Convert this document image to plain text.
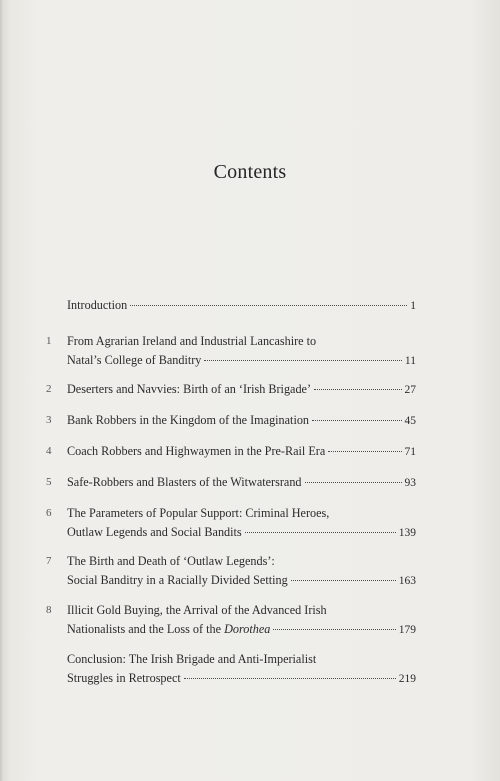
Contents
Introduction	1
1	From Agrarian Ireland and Industrial Lancashire to
Natal’s College of Banditry	11
2	Deserters and Navvies: Birth of an ‘Irish Brigade’	27
3	Bank Robbers in the Kingdom of the Imagination	45
4	Coach Robbers and Highwaymen in the Pre-Rail Era	71
5	Safe-Robbers and Blasters of the Witwatersrand	93
6	The Parameters of Popular Support: Criminal Heroes,
Outlaw Legends and Social Bandits	139
7	The Birth and Death of ‘Outlaw Legends’:
Social Banditry in a Racially Divided Setting	163
8	Illicit Gold Buying, the Arrival of the Advanced Irish
Nationalists and the Loss of the Dorothea	179
Conclusion: The Irish Brigade and Anti-Imperialist
Struggles in Retrospect	219
